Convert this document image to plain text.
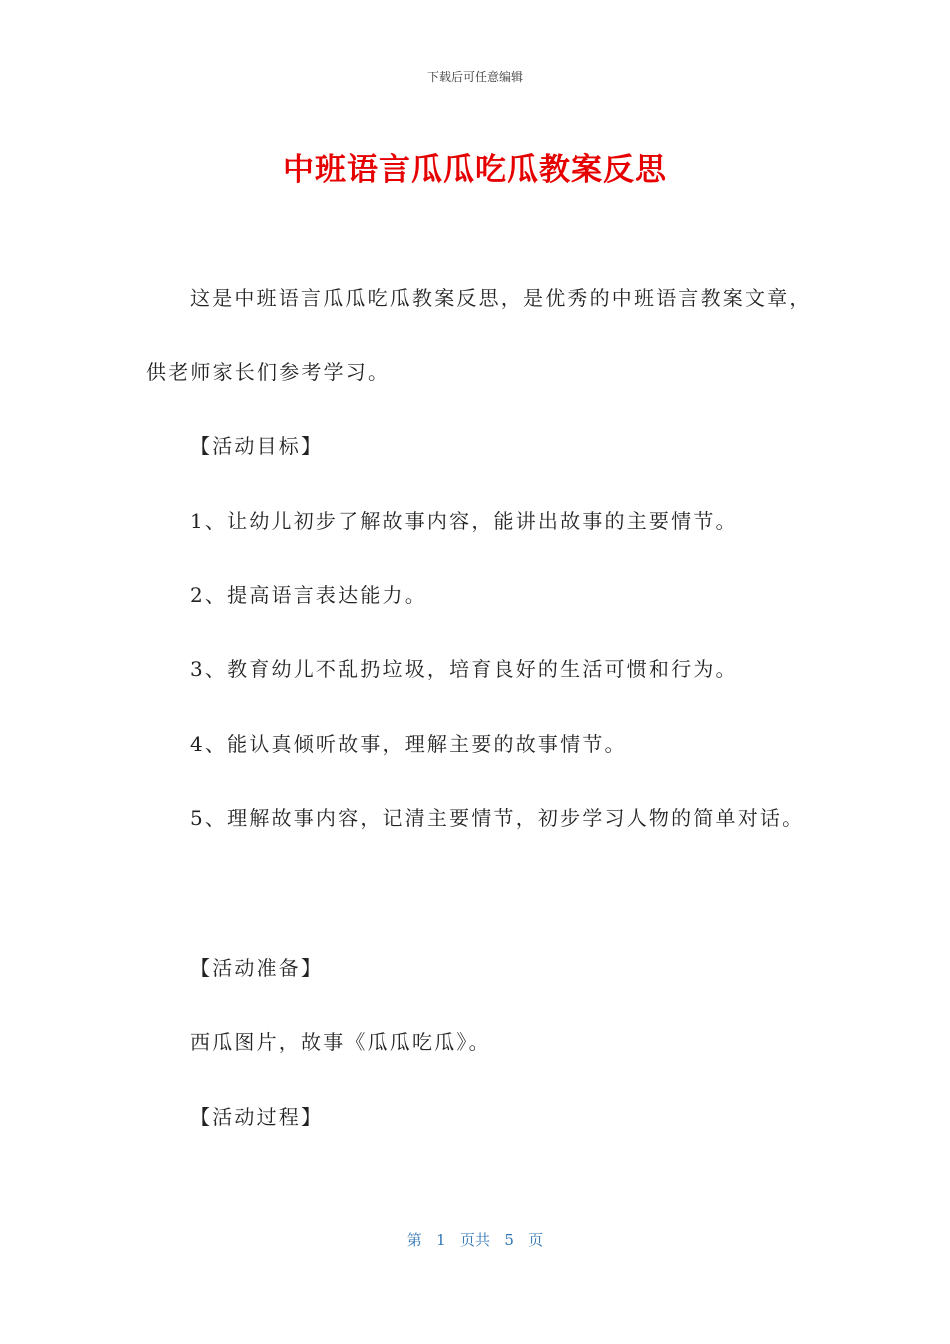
下载后可任意编辑
中班语言瓜瓜吃瓜教案反思
这是中班语言瓜瓜吃瓜教案反思，是优秀的中班语言教案文章，
供老师家长们参考学习。
【活动目标】
1、让幼儿初步了解故事内容，能讲出故事的主要情节。
2、提高语言表达能力。
3、教育幼儿不乱扔垃圾，培育良好的生活可惯和行为。
4、能认真倾听故事，理解主要的故事情节。
5、理解故事内容，记清主要情节，初步学习人物的简单对话。
【活动准备】
西瓜图片，故事《瓜瓜吃瓜》。
【活动过程】
第 1 页共 5 页
